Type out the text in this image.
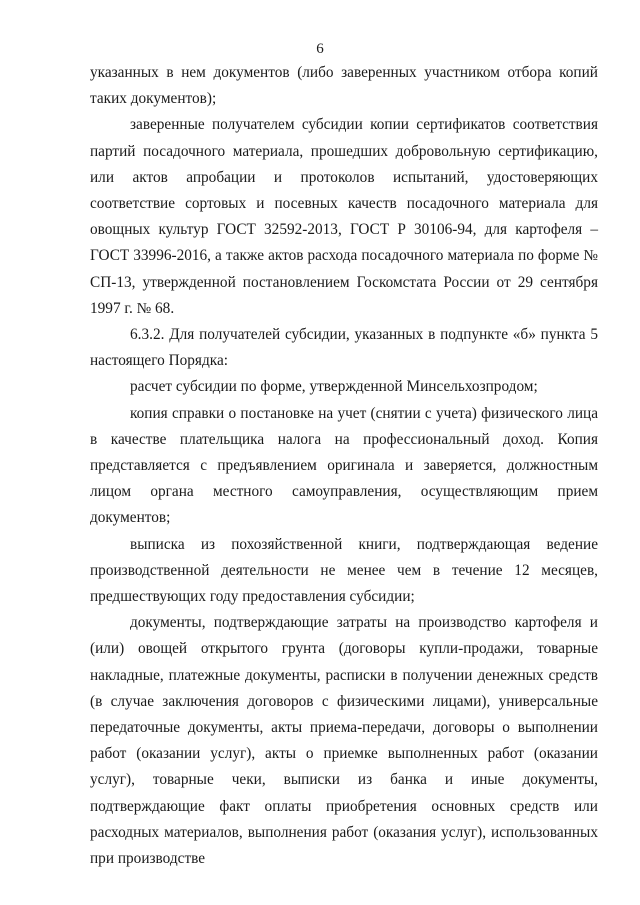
6

указанных в нем документов (либо заверенных участником отбора копий таких документов);

заверенные получателем субсидии копии сертификатов соответствия партий посадочного материала, прошедших добровольную сертификацию, или актов апробации и протоколов испытаний, удостоверяющих соответствие сортовых и посевных качеств посадочного материала для овощных культур ГОСТ 32592-2013, ГОСТ Р 30106-94, для картофеля – ГОСТ 33996-2016, а также актов расхода посадочного материала по форме № СП-13, утвержденной постановлением Госкомстата России от 29 сентября 1997 г. № 68.

6.3.2. Для получателей субсидии, указанных в подпункте «б» пункта 5 настоящего Порядка:

расчет субсидии по форме, утвержденной Минсельхозпродом;

копия справки о постановке на учет (снятии с учета) физического лица в качестве плательщика налога на профессиональный доход. Копия представляется с предъявлением оригинала и заверяется, должностным лицом органа местного самоуправления, осуществляющим прием документов;

выписка из похозяйственной книги, подтверждающая ведение производственной деятельности не менее чем в течение 12 месяцев, предшествующих году предоставления субсидии;

документы, подтверждающие затраты на производство картофеля и (или) овощей открытого грунта (договоры купли-продажи, товарные накладные, платежные документы, расписки в получении денежных средств (в случае заключения договоров с физическими лицами), универсальные передаточные документы, акты приема-передачи, договоры о выполнении работ (оказании услуг), акты о приемке выполненных работ (оказании услуг), товарные чеки, выписки из банка и иные документы, подтверждающие факт оплаты приобретения основных средств или расходных материалов, выполнения работ (оказания услуг), использованных при производстве
